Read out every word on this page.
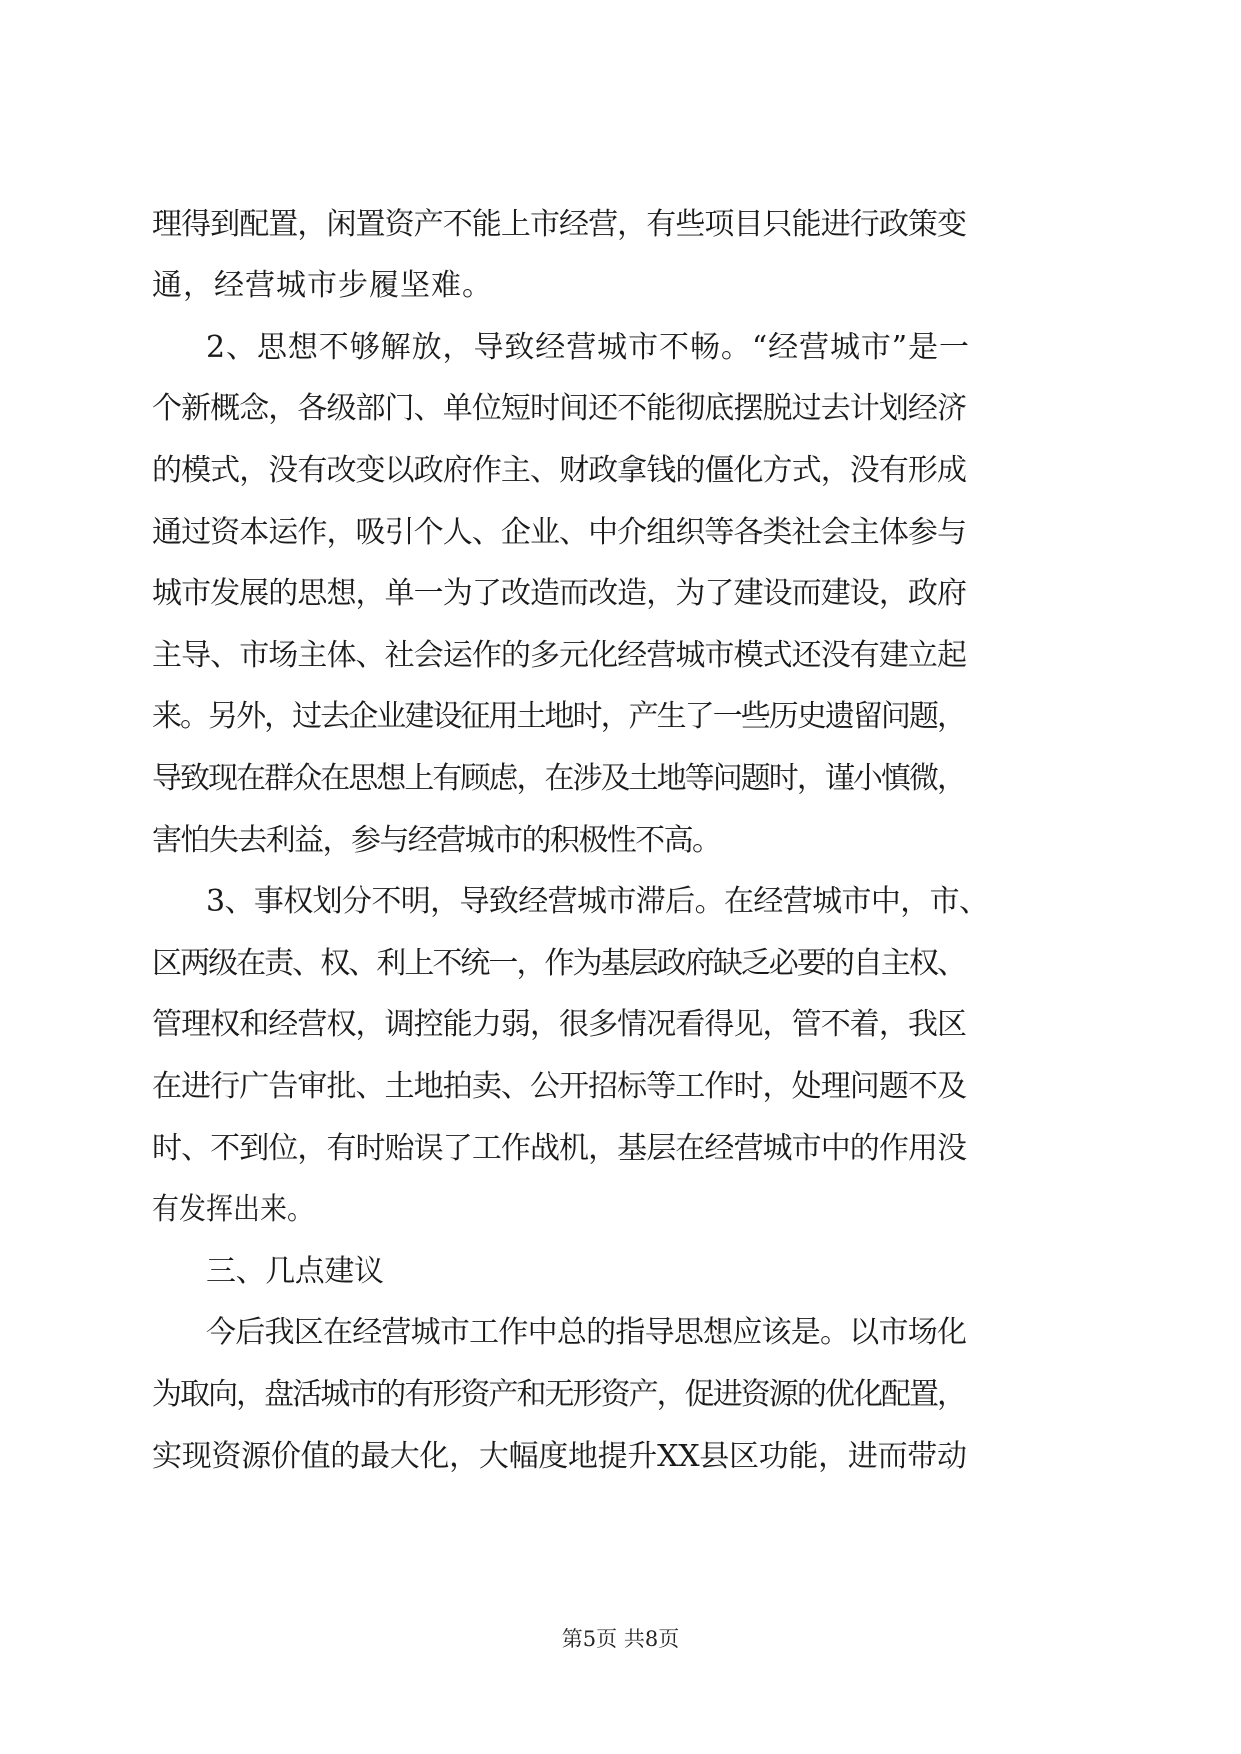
理得到配置，闲置资产不能上市经营，有些项目只能进行政策变
通，经营城市步履坚难。
2、思想不够解放，导致经营城市不畅。“经营城市”是一
个新概念，各级部门、单位短时间还不能彻底摆脱过去计划经济
的模式，没有改变以政府作主、财政拿钱的僵化方式，没有形成
通过资本运作，吸引个人、企业、中介组织等各类社会主体参与
城市发展的思想，单一为了改造而改造，为了建设而建设，政府
主导、市场主体、社会运作的多元化经营城市模式还没有建立起
来。另外，过去企业建设征用土地时，产生了一些历史遗留问题，
导致现在群众在思想上有顾虑，在涉及土地等问题时，谨小慎微，
害怕失去利益，参与经营城市的积极性不高。
3、事权划分不明，导致经营城市滞后。在经营城市中，市、
区两级在责、权、利上不统一，作为基层政府缺乏必要的自主权、
管理权和经营权，调控能力弱，很多情况看得见，管不着，我区
在进行广告审批、土地拍卖、公开招标等工作时，处理问题不及
时、不到位，有时贻误了工作战机，基层在经营城市中的作用没
有发挥出来。
三、几点建议
今后我区在经营城市工作中总的指导思想应该是。以市场化
为取向，盘活城市的有形资产和无形资产，促进资源的优化配置，
实现资源价值的最大化，大幅度地提升XX县区功能，进而带动
第5页 共8页
